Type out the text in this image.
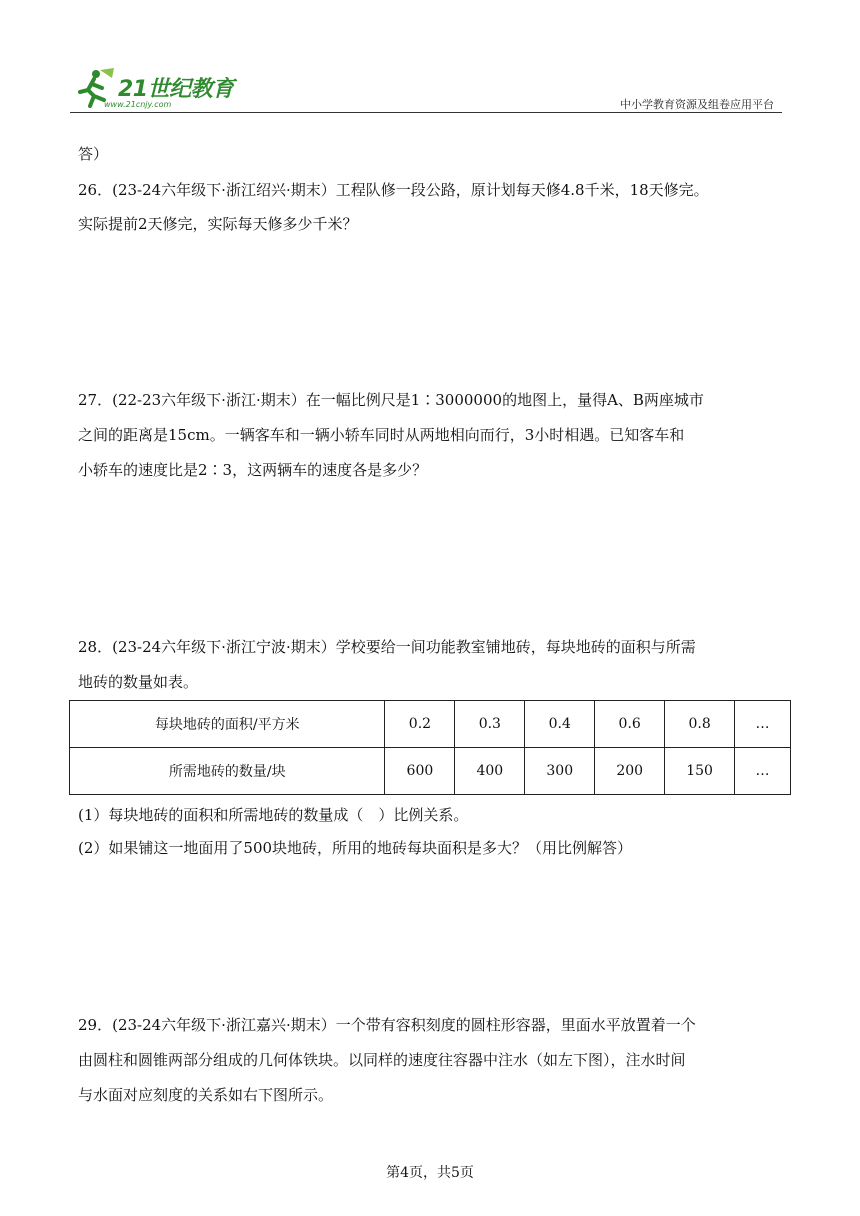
21世纪教育
www.21cnjy.com	中小学教育资源及组卷应用平台
答）
26．(23-24六年级下·浙江绍兴·期末）工程队修一段公路，原计划每天修4.8千米，18天修完。
实际提前2天修完，实际每天修多少千米？
27．(22-23六年级下·浙江·期末）在一幅比例尺是1∶3000000的地图上，量得A、B两座城市
之间的距离是15cm。一辆客车和一辆小轿车同时从两地相向而行，3小时相遇。已知客车和
小轿车的速度比是2∶3，这两辆车的速度各是多少？
28．(23-24六年级下·浙江宁波·期末）学校要给一间功能教室铺地砖，每块地砖的面积与所需
地砖的数量如表。
每块地砖的面积/平方米	0.2	0.3	0.4	0.6	0.8	…
所需地砖的数量/块	600	400	300	200	150	…
(1）每块地砖的面积和所需地砖的数量成（　）比例关系。
(2）如果铺这一地面用了500块地砖，所用的地砖每块面积是多大？（用比例解答）
29．(23-24六年级下·浙江嘉兴·期末）一个带有容积刻度的圆柱形容器，里面水平放置着一个
由圆柱和圆锥两部分组成的几何体铁块。以同样的速度往容器中注水（如左下图），注水时间
与水面对应刻度的关系如右下图所示。
第4页，共5页
